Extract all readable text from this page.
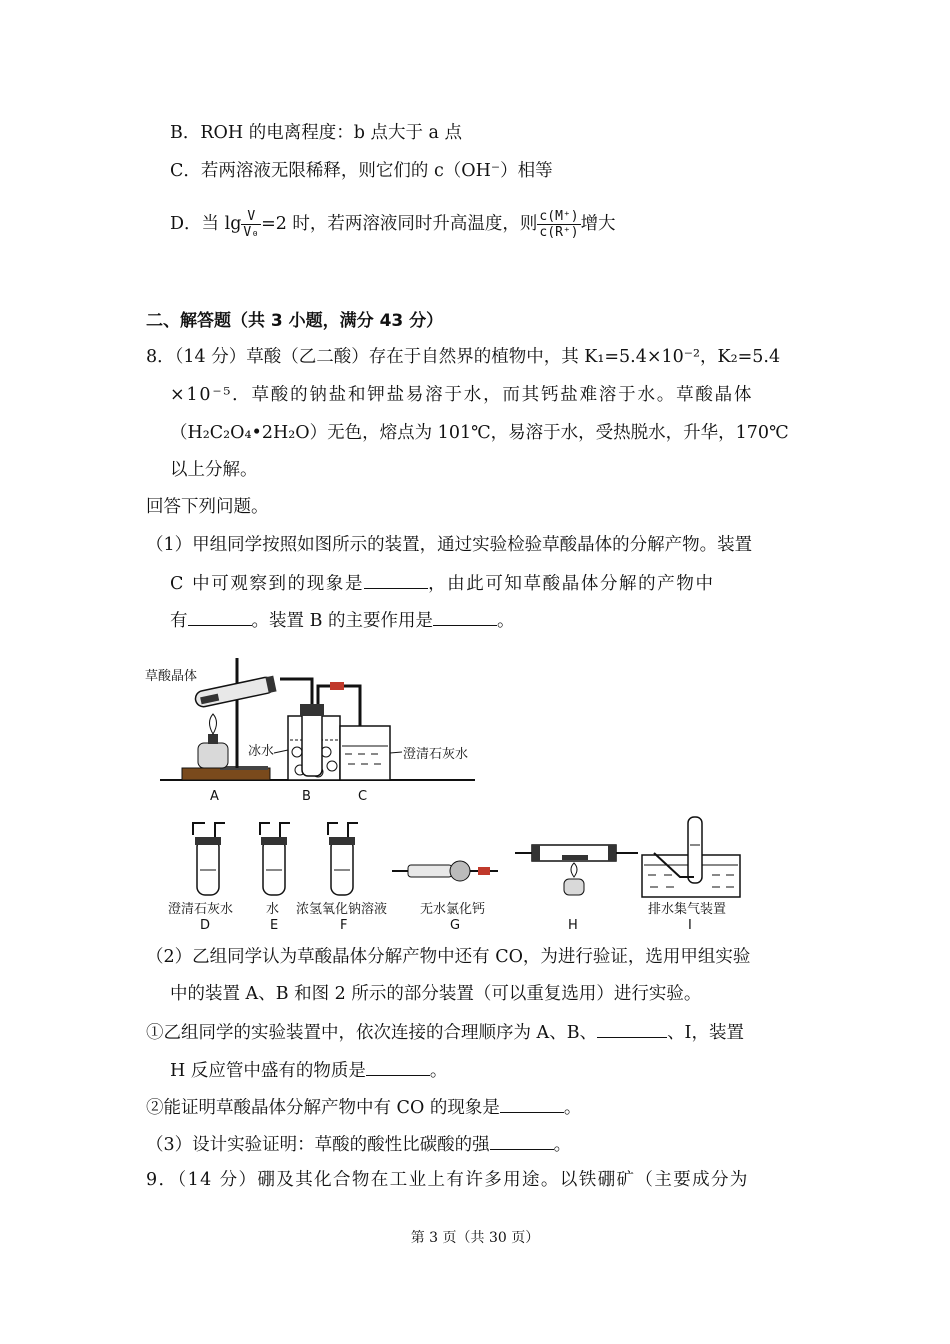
B．ROH 的电离程度：b 点大于 a 点
C．若两溶液无限稀释，则它们的 c（OH⁻）相等
D．当 $\lg \frac{V}{\text{V₀}} =2$ 时，若两溶液同时升高温度，则 $\frac{c(M^+)}{c(R^+)}$ 增大
二、解答题（共 3 小题，满分 43 分）
8．（14 分）草酸（乙二酸）存在于自然界的植物中，其 K₁=5.4×10⁻²，K₂=5.4
×10⁻⁵．草酸的钠盐和钾盐易溶于水，而其钙盐难溶于水。草酸晶体
（H₂C₂O₄•2H₂O）无色，熔点为 101℃，易溶于水，受热脱水，升华，170℃
以上分解。
回答下列问题。
（1）甲组同学按照如图所示的装置，通过实验检验草酸晶体的分解产物。装置
C 中可观察到的现象是	，由此可知草酸晶体分解的产物中
有	。装置 B 的主要作用是	。
草酸晶体
冰水	澄清石灰水
A	B	C
澄清石灰水	水 浓氢氧化钠溶液	无水氯化钙	排水集气装置
D	E	F	G	H	I
（2）乙组同学认为草酸晶体分解产物中还有 CO，为进行验证，选用甲组实验
中的装置 A、B 和图 2 所示的部分装置（可以重复选用）进行实验。
①乙组同学的实验装置中，依次连接的合理顺序为 A、B、	、I，装置
H 反应管中盛有的物质是	。
②能证明草酸晶体分解产物中有 CO 的现象是	。
（3）设计实验证明：草酸的酸性比碳酸的强	。
9．（14 分）硼及其化合物在工业上有许多用途。以铁硼矿（主要成分为
第 3 页（共 30 页）
